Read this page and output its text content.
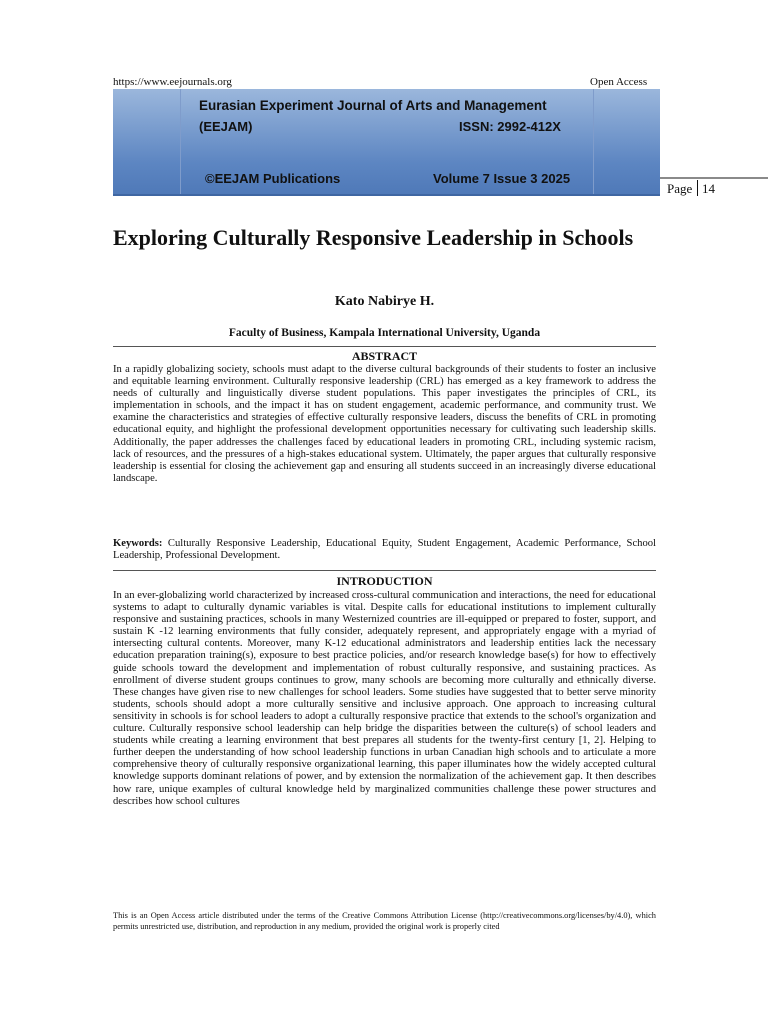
https://www.eejournals.org	Open Access
Eurasian Experiment Journal of Arts and Management
(EEJAM)	ISSN: 2992-412X
©EEJAM Publications	Volume 7 Issue 3 2025
Page 14
Exploring Culturally Responsive Leadership in Schools
Kato Nabirye H.
Faculty of Business, Kampala International University, Uganda
ABSTRACT
In a rapidly globalizing society, schools must adapt to the diverse cultural backgrounds of their students to foster an inclusive and equitable learning environment. Culturally responsive leadership (CRL) has emerged as a key framework to address the needs of culturally and linguistically diverse student populations. This paper investigates the principles of CRL, its implementation in schools, and the impact it has on student engagement, academic performance, and community trust. We examine the characteristics and strategies of effective culturally responsive leaders, discuss the benefits of CRL in promoting educational equity, and highlight the professional development opportunities necessary for cultivating such leadership skills. Additionally, the paper addresses the challenges faced by educational leaders in promoting CRL, including systemic racism, lack of resources, and the pressures of a high-stakes educational system. Ultimately, the paper argues that culturally responsive leadership is essential for closing the achievement gap and ensuring all students succeed in an increasingly diverse educational landscape.
Keywords: Culturally Responsive Leadership, Educational Equity, Student Engagement, Academic Performance, School Leadership, Professional Development.
INTRODUCTION
In an ever-globalizing world characterized by increased cross-cultural communication and interactions, the need for educational systems to adapt to culturally dynamic variables is vital. Despite calls for educational institutions to implement culturally responsive and sustaining practices, schools in many Westernized countries are ill-equipped or prepared to foster, support, and sustain K -12 learning environments that fully consider, adequately represent, and appropriately engage with a myriad of intersecting cultural contents. Moreover, many K-12 educational administrators and leadership entities lack the necessary education preparation training(s), exposure to best practice policies, and/or research knowledge base(s) for how to effectively guide schools toward the development and implementation of robust culturally responsive, and sustaining practices. As enrollment of diverse student groups continues to grow, many schools are becoming more culturally and ethnically diverse. These changes have given rise to new challenges for school leaders. Some studies have suggested that to better serve minority students, schools should adopt a more culturally sensitive and inclusive approach. One approach to increasing cultural sensitivity in schools is for school leaders to adopt a culturally responsive practice that extends to the school's organization and culture. Culturally responsive school leadership can help bridge the disparities between the culture(s) of school leaders and students while creating a learning environment that best prepares all students for the twenty-first century [1, 2]. Helping to further deepen the understanding of how school leadership functions in urban Canadian high schools and to articulate a more comprehensive theory of culturally responsive organizational learning, this paper illuminates how the widely accepted cultural knowledge supports dominant relations of power, and by extension the normalization of the achievement gap. It then describes how rare, unique examples of cultural knowledge held by marginalized communities challenge these power structures and describes how school cultures
This is an Open Access article distributed under the terms of the Creative Commons Attribution License (http://creativecommons.org/licenses/by/4.0), which permits unrestricted use, distribution, and reproduction in any medium, provided the original work is properly cited
